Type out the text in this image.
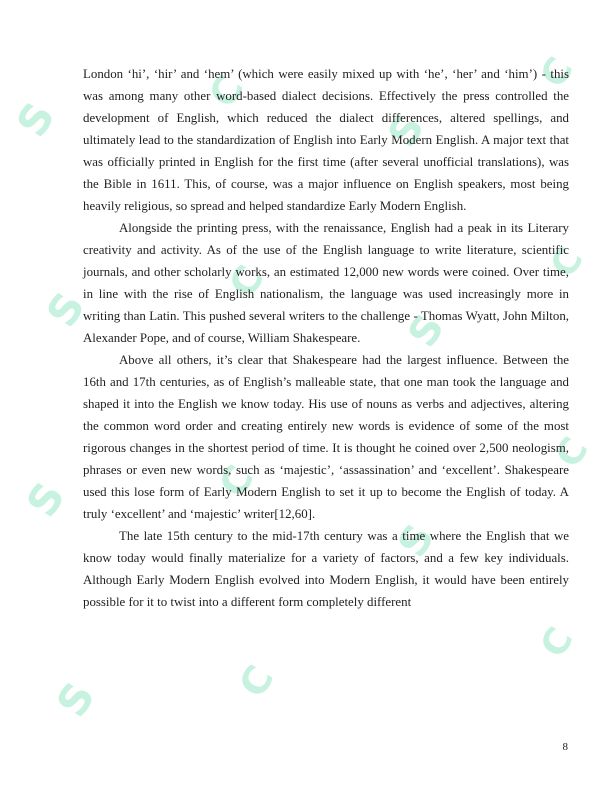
S
S
S
S
C
C
C
C
S
S
S
C
C
C
C

London ‘hi’, ‘hir’ and ‘hem’ (which were easily mixed up with ‘he’, ‘her’ and ‘him’) - this was among many other word-based dialect decisions. Effectively the press controlled the development of English, which reduced the dialect differences, altered spellings, and ultimately lead to the standardization of English into Early Modern English. A major text that was officially printed in English for the first time (after several unofficial translations), was the Bible in 1611. This, of course, was a major influence on English speakers, most being heavily religious, so spread and helped standardize Early Modern English.

Alongside the printing press, with the renaissance, English had a peak in its Literary creativity and activity. As of the use of the English language to write literature, scientific journals, and other scholarly works, an estimated 12,000 new words were coined. Over time, in line with the rise of English nationalism, the language was used increasingly more in writing than Latin. This pushed several writers to the challenge - Thomas Wyatt, John Milton, Alexander Pope, and of course, William Shakespeare.

Above all others, it’s clear that Shakespeare had the largest influence. Between the 16th and 17th centuries, as of English’s malleable state, that one man took the language and shaped it into the English we know today. His use of nouns as verbs and adjectives, altering the common word order and creating entirely new words is evidence of some of the most rigorous changes in the shortest period of time. It is thought he coined over 2,500 neologism, phrases or even new words, such as ‘majestic’, ‘assassination’ and ‘excellent’. Shakespeare used this lose form of Early Modern English to set it up to become the English of today. A truly ‘excellent’ and ‘majestic’ writer[12,60].

The late 15th century to the mid-17th century was a time where the English that we know today would finally materialize for a variety of factors, and a few key individuals. Although Early Modern English evolved into Modern English, it would have been entirely possible for it to twist into a different form completely different

8
